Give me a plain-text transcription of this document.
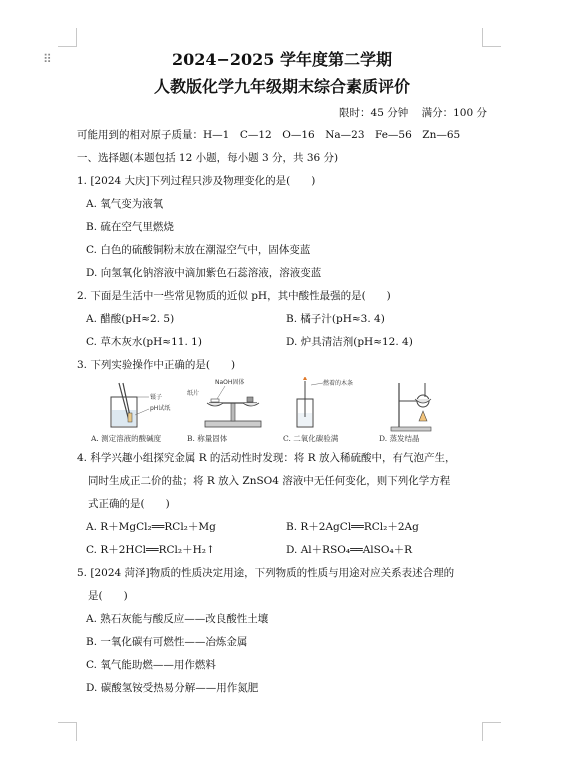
⠿	2024−2025 学年度第二学期
人教版化学九年级期末综合素质评价
限时：45 分钟 满分：100 分
可能用到的相对原子质量：H—1　C—12　O—16　Na—23　Fe—56　Zn—65
一、选择题(本题包括 12 小题，每小题 3 分，共 36 分)
1. [2024 大庆]下列过程只涉及物理变化的是(　　)
A. 氧气变为液氧
B. 硫在空气里燃烧
C. 白色的硫酸铜粉末放在潮湿空气中，固体变蓝
D. 向氢氧化钠溶液中滴加紫色石蕊溶液，溶液变蓝
2. 下面是生活中一些常见物质的近似 pH，其中酸性最强的是(　　)
A. 醋酸(pH≈2. 5)	B. 橘子汁(pH≈3. 4)
C. 草木灰水(pH≈11. 1)	D. 炉具清洁剂(pH≈12. 4)
3. 下列实验操作中正确的是(　　)
镊子
pH试纸
A. 测定溶液的酸碱度
NaOH固体
纸片
B. 称量固体
燃着的木条
C. 二氧化碳验满	D. 蒸发结晶
4. 科学兴趣小组探究金属 R 的活动性时发现：将 R 放入稀硫酸中，有气泡产生，
同时生成正二价的盐；将 R 放入 ZnSO4 溶液中无任何变化，则下列化学方程
式正确的是(　　)
A. R＋MgCl₂══RCl₂＋Mg	B. R＋2AgCl══RCl₂＋2Ag
C. R＋2HCl══RCl₂＋H₂↑	D. Al＋RSO₄══AlSO₄＋R
5. [2024 菏泽]物质的性质决定用途，下列物质的性质与用途对应关系表述合理的
是(　　)
A. 熟石灰能与酸反应——改良酸性土壤
B. 一氧化碳有可燃性——冶炼金属
C. 氧气能助燃——用作燃料
D. 碳酸氢铵受热易分解——用作氮肥
